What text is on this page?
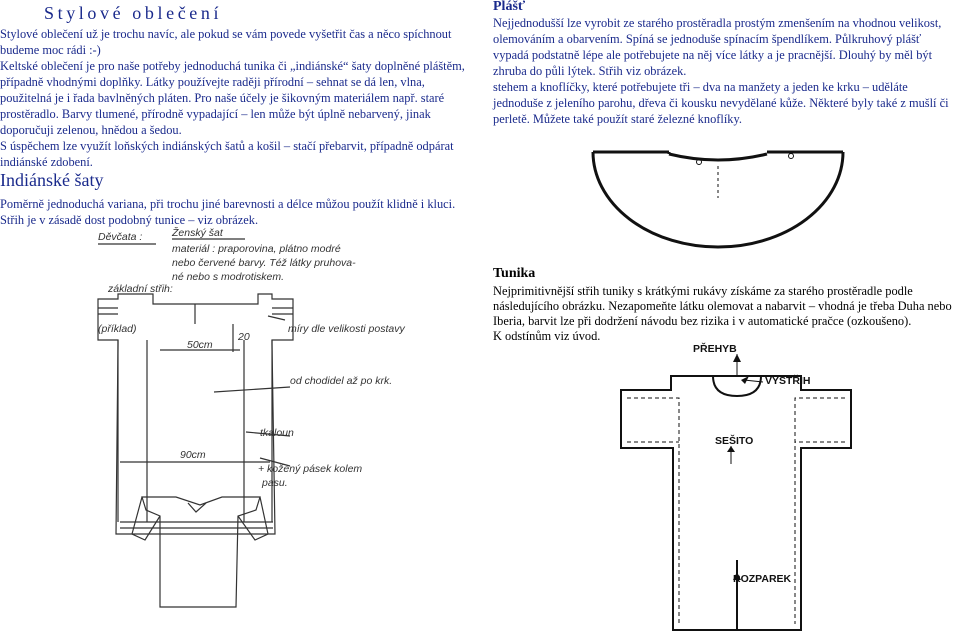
Stylové oblečení

Stylové oblečení už je trochu navíc, ale pokud se vám povede vyšetřit čas a něco spíchnout

budeme moc rádi :-)

Keltské oblečení je pro naše potřeby jednoduchá tunika či „indiánské“ šaty doplněné pláštěm,

případně vhodnými doplňky. Látky používejte raději přírodní – sehnat se dá len, vlna,

použitelná je i řada bavlněných pláten. Pro naše účely je šikovným materiálem např. staré

prostěradlo. Barvy tlumené, přírodně vypadající – len může být úplně nebarvený, jinak

doporučuji zelenou, hnědou a šedou.

S úspěchem lze využít loňských indiánských šatů a košil – stačí přebarvit, případně odpárat

indiánské zdobení.

Indiánské šaty

Poměrně jednoduchá variana, při trochu jiné barevnosti a délce můžou použít klidně i kluci.

Střih je v zásadě dost podobný tunice – viz obrázek.

Děvčata :	Ženský šat
materiál : praporovina, plátno modré
nebo červené barvy. Též látky pruhova-
né nebo s modrotiskem.
základní střih:
(příklad)
50cm
20
90cm
míry dle velikosti postavy
od chodidel až po krk.
tkaloun
+ kožený pásek kolem
pasu.

Plášť

Nejjednodušší lze vyrobit ze starého prostěradla prostým zmenšením na vhodnou velikost,

olemováním a obarvením. Spíná se jednoduše spínacím špendlíkem. Půlkruhový plášť

vypadá podstatně lépe ale potřebujete na něj více látky a je pracnější. Dlouhý by měl být

zhruba do půli lýtek. Střih viz obrázek.

stehem a knoflíčky, které potřebujete tři – dva na manžety a jeden ke krku – uděláte

jednoduše z jeleního parohu, dřeva či kousku nevydělané kůže. Některé byly také z mušlí či

perletě. Můžete také použít staré železné knoflíky.

Tunika

Nejprimitivnější střih tuniky s krátkými rukávy získáme za starého prostěradle podle

následujícího obrázku. Nezapomeňte látku olemovat a nabarvit – vhodná je třeba Duha nebo

Iberia, barvit lze při dodržení návodu bez rizika i v automatické pračce (ozkoušeno).

K odstínům viz úvod.

PŘEHYB
VÝSTŘIH
SEŠITO
ROZPAREK
